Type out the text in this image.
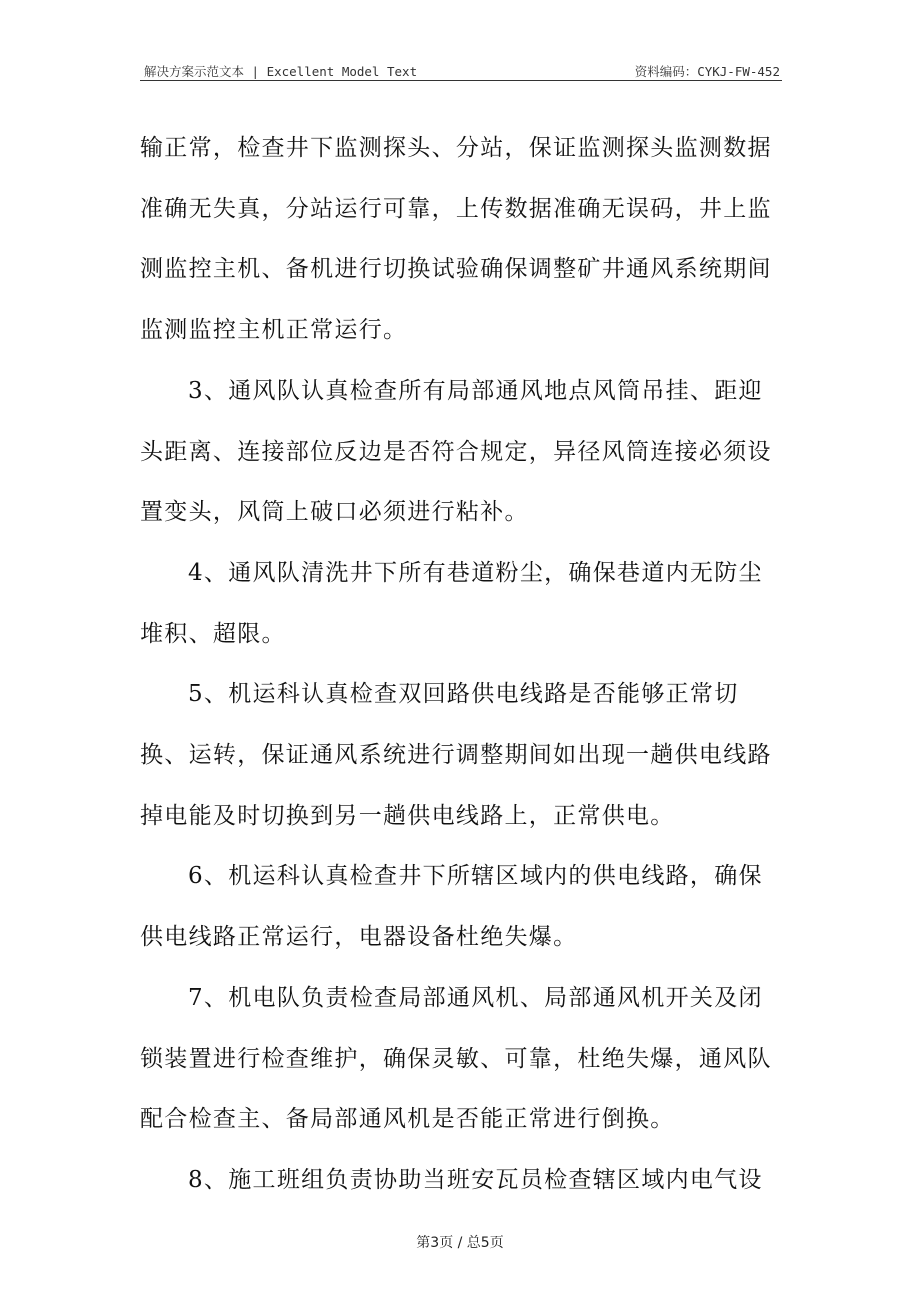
解决方案示范文本 | Excellent Model Text	资料编码：CYKJ-FW-452

输正常，检查井下监测探头、分站，保证监测探头监测数据准确无失真，分站运行可靠，上传数据准确无误码，井上监测监控主机、备机进行切换试验确保调整矿井通风系统期间监测监控主机正常运行。

3、通风队认真检查所有局部通风地点风筒吊挂、距迎头距离、连接部位反边是否符合规定，异径风筒连接必须设置变头，风筒上破口必须进行粘补。

4、通风队清洗井下所有巷道粉尘，确保巷道内无防尘堆积、超限。

5、机运科认真检查双回路供电线路是否能够正常切换、运转，保证通风系统进行调整期间如出现一趟供电线路掉电能及时切换到另一趟供电线路上，正常供电。

6、机运科认真检查井下所辖区域内的供电线路，确保供电线路正常运行，电器设备杜绝失爆。

7、机电队负责检查局部通风机、局部通风机开关及闭锁装置进行检查维护，确保灵敏、可靠，杜绝失爆，通风队配合检查主、备局部通风机是否能正常进行倒换。

8、施工班组负责协助当班安瓦员检查辖区域内电气设

第3页 / 总5页
